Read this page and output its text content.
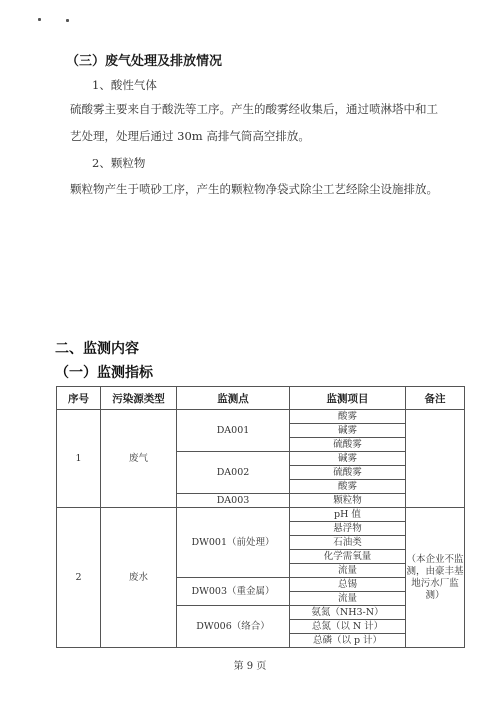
（三）废气处理及排放情况
1、酸性气体
硫酸雾主要来自于酸洗等工序。产生的酸雾经收集后，通过喷淋塔中和工
艺处理，处理后通过 30m 高排气筒高空排放。
2、颗粒物
颗粒物产生于喷砂工序，产生的颗粒物净袋式除尘工艺经除尘设施排放。
二、监测内容
（一）监测指标
序号	污染源类型	监测点	监测项目	备注
1	废气	DA001	酸雾	
			碱雾	
			硫酸雾	
		DA002	碱雾	
			硫酸雾	
			酸雾	
		DA003	颗粒物	
2	废水	DW001（前处理）	pH 值	（本企业不监测，由豪丰基地污水厂监测）
			悬浮物	
			石油类	
			化学需氧量	
			流量	
		DW003（重金属）	总锡	
			流量	
		DW006（络合）	氨氮（NH3-N）	
			总氮（以 N 计）	
			总磷（以 p 计）	
第 9 页
